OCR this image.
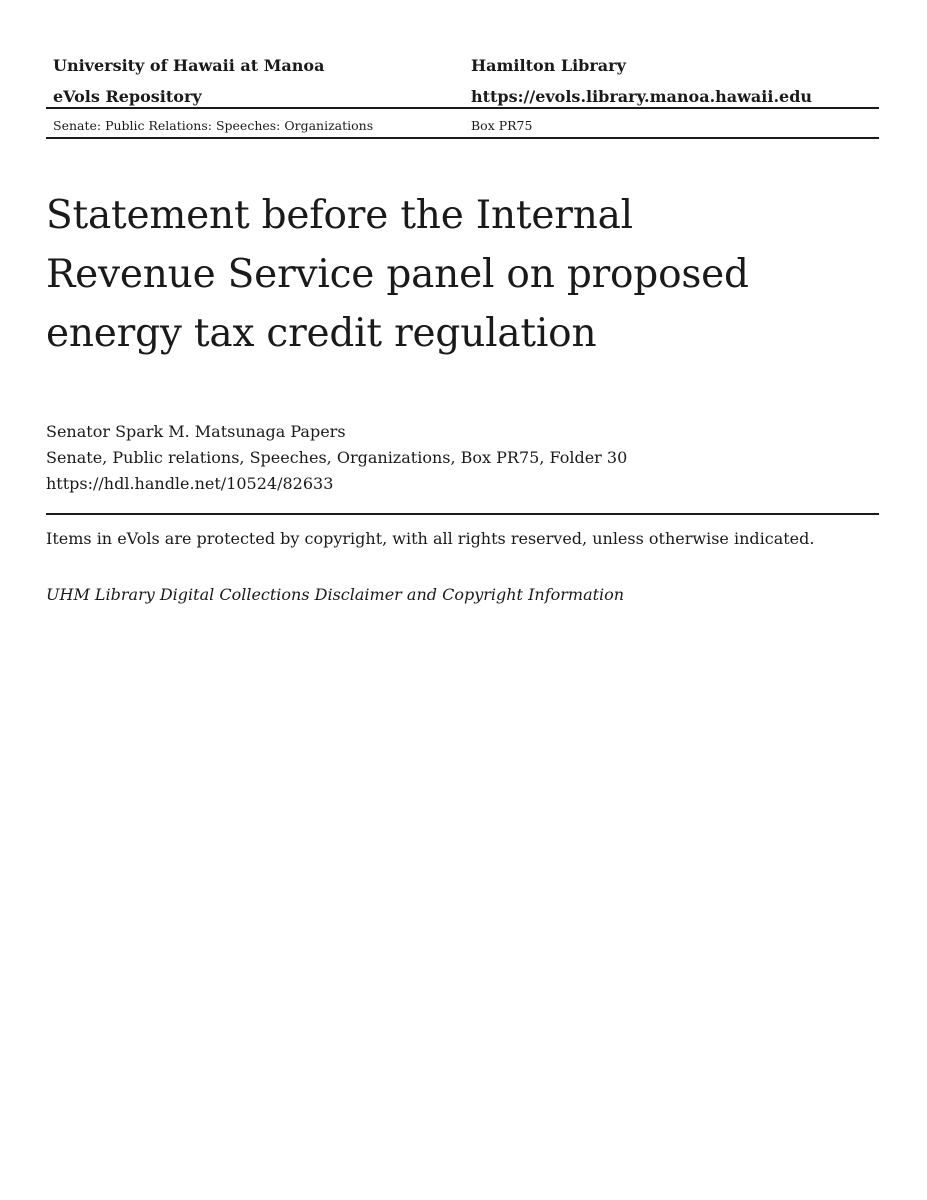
University of Hawaii at Manoa	Hamilton Library
eVols Repository	https://evols.library.manoa.hawaii.edu
Senate: Public Relations: Speeches: Organizations	Box PR75
Statement before the Internal Revenue Service panel on proposed energy tax credit regulation
Senator Spark M. Matsunaga Papers
Senate, Public relations, Speeches, Organizations, Box PR75, Folder 30
https://hdl.handle.net/10524/82633
Items in eVols are protected by copyright, with all rights reserved, unless otherwise indicated.
UHM Library Digital Collections Disclaimer and Copyright Information
